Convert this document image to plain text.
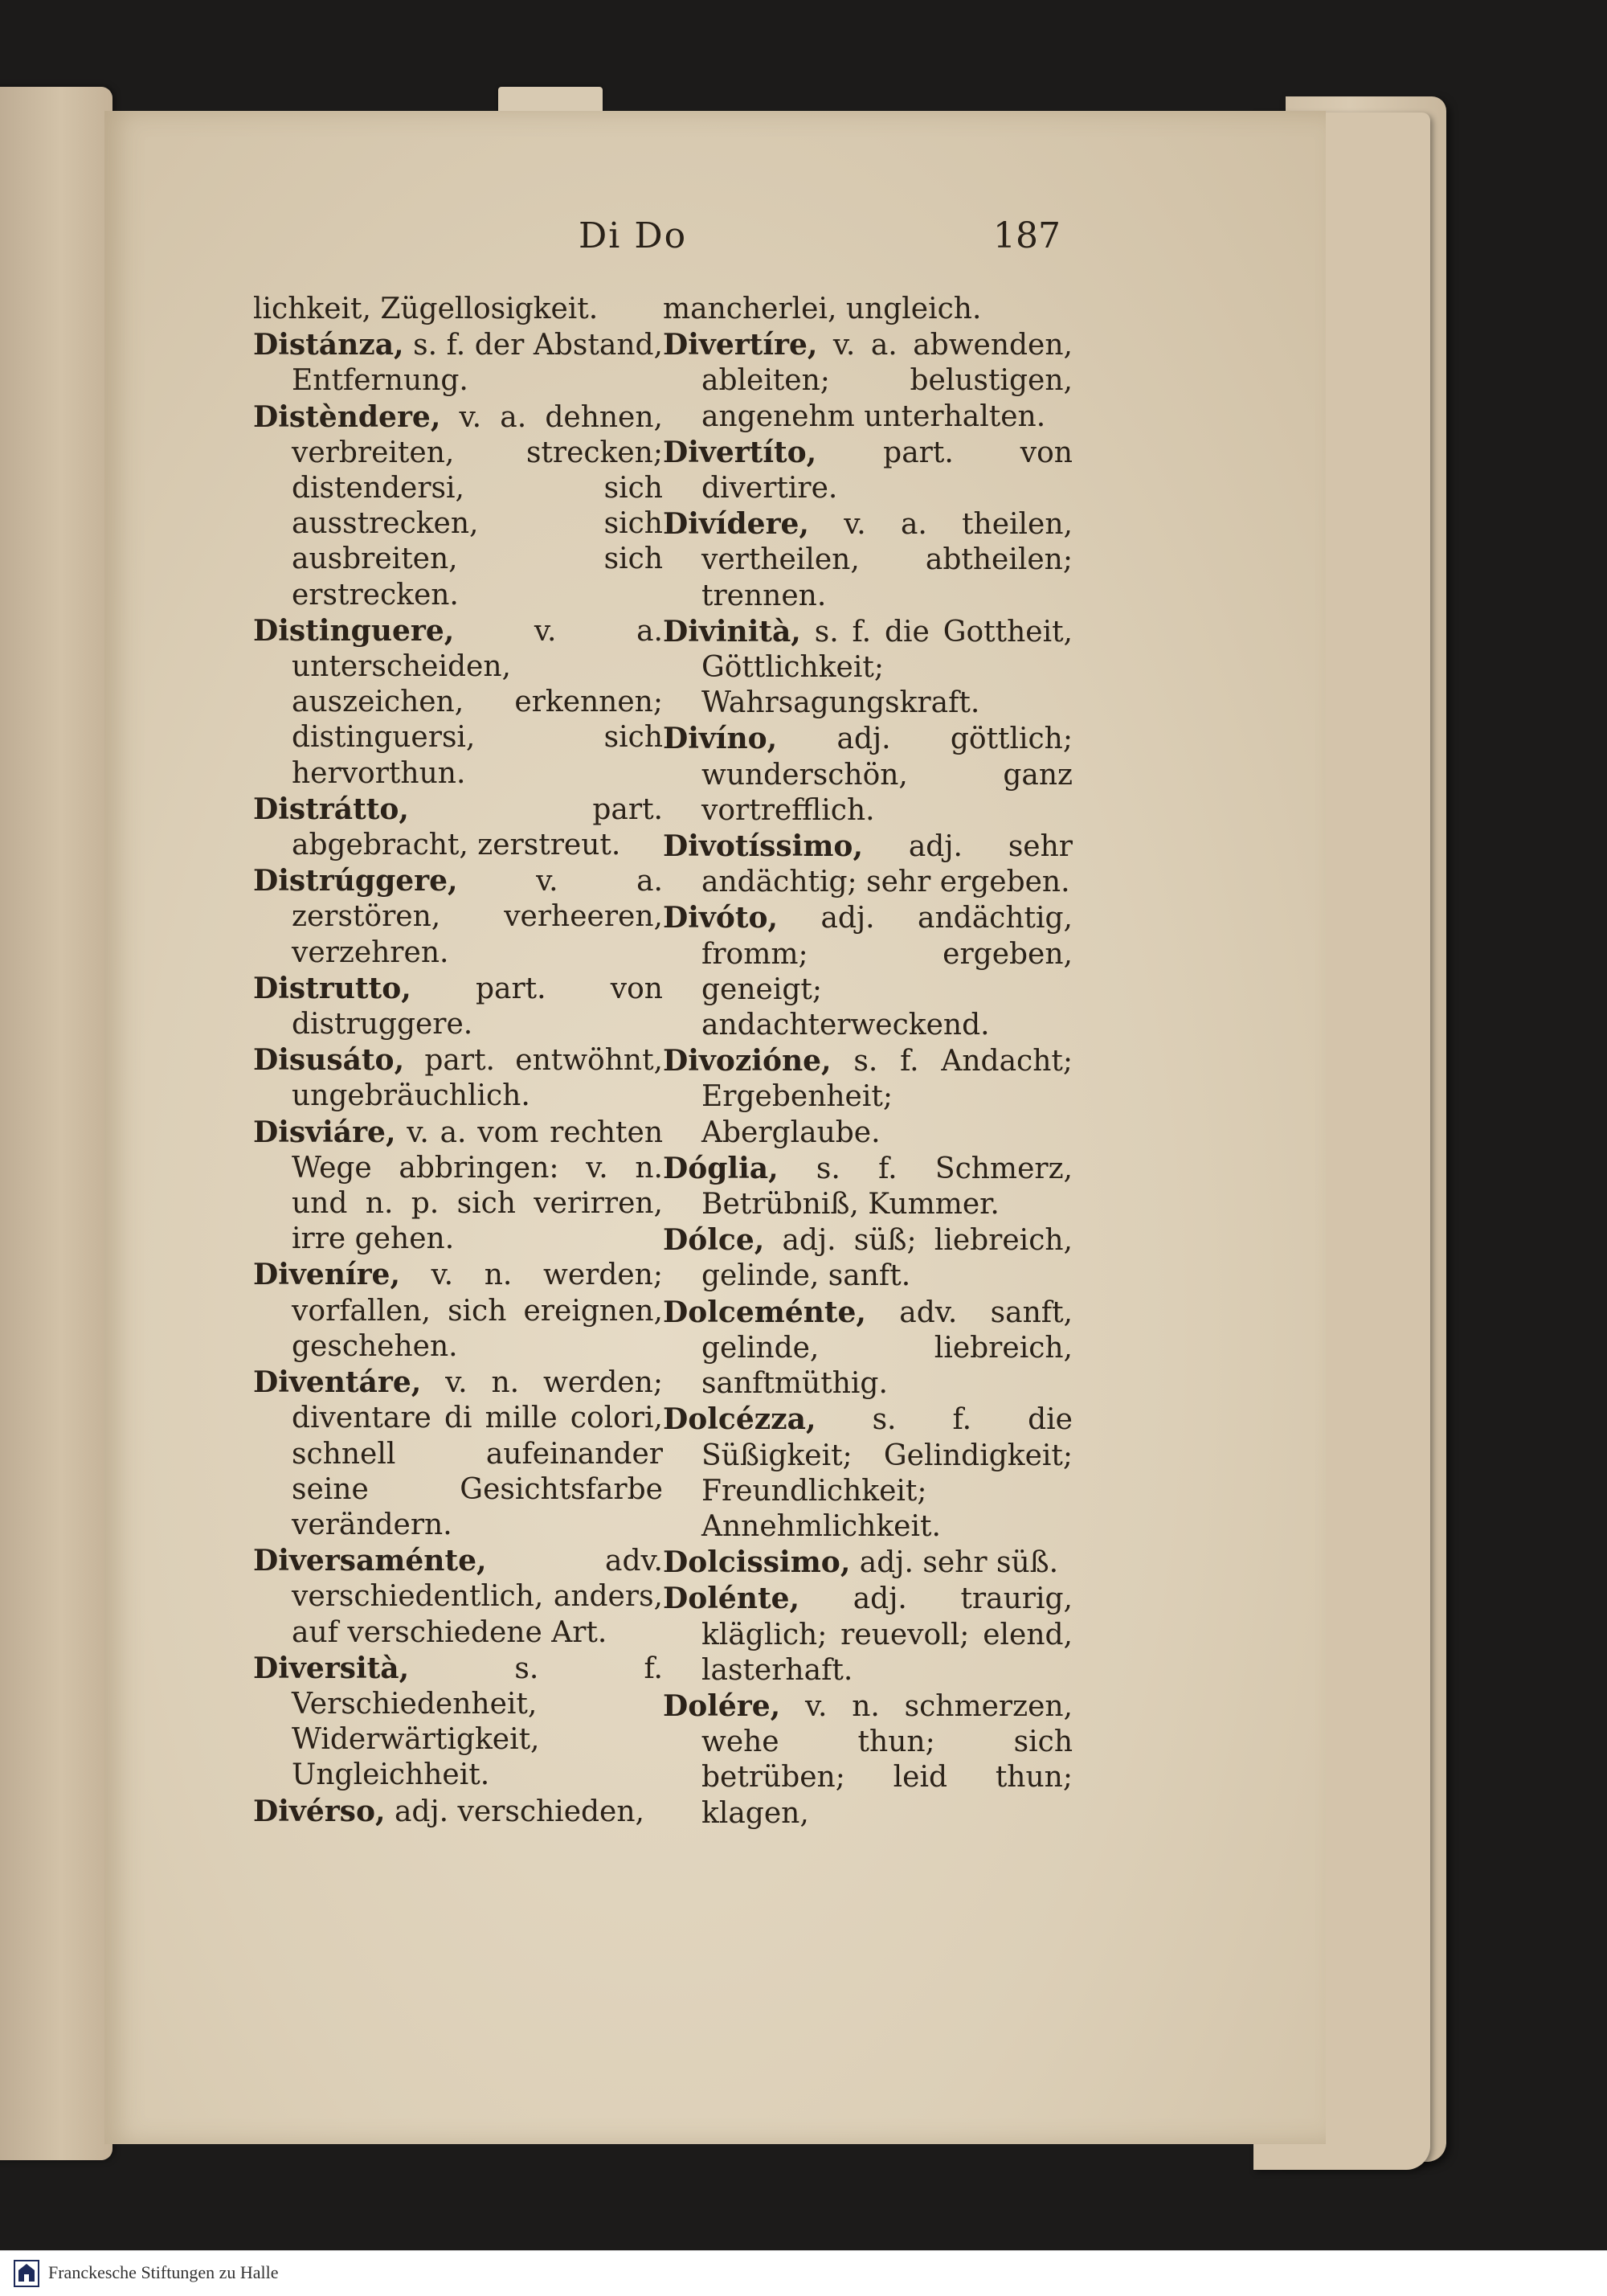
Di Do	187
lichkeit, Zügellosigkeit.
Distánza, s. f. der Abstand, Entfernung.
Distèndere, v. a. dehnen, verbreiten, strecken; distendersi, sich ausstrecken, sich ausbreiten, sich erstrecken.
Distinguere, v. a. unterscheiden, auszeichen, erkennen; distinguersi, sich hervorthun.
Distrátto, part. abgebracht, zerstreut.
Distrúggere, v. a. zerstören, verheeren, verzehren.
Distrutto, part. von distruggere.
Disusáto, part. entwöhnt, ungebräuchlich.
Disviáre, v. a. vom rechten Wege abbringen: v. n. und n. p. sich verirren, irre gehen.
Diveníre, v. n. werden; vorfallen, sich ereignen, geschehen.
Diventáre, v. n. werden; diventare di mille colori, schnell aufeinander seine Gesichtsfarbe verändern.
Diversaménte, adv. verschiedentlich, anders, auf verschiedene Art.
Diversità, s. f. Verschiedenheit, Widerwärtigkeit, Ungleichheit.
Divérso, adj. verschieden,
mancherlei, ungleich.
Divertíre, v. a. abwenden, ableiten; belustigen, angenehm unterhalten.
Divertíto, part. von divertire.
Divídere, v. a. theilen, vertheilen, abtheilen; trennen.
Divinità, s. f. die Gottheit, Göttlichkeit; Wahrsagungskraft.
Divíno, adj. göttlich; wunderschön, ganz vortrefflich.
Divotíssimo, adj. sehr andächtig; sehr ergeben.
Divóto, adj. andächtig, fromm; ergeben, geneigt; andachterweckend.
Divozióne, s. f. Andacht; Ergebenheit; Aberglaube.
Dóglia, s. f. Schmerz, Betrübniß, Kummer.
Dólce, adj. süß; liebreich, gelinde, sanft.
Dolceménte, adv. sanft, gelinde, liebreich, sanftmüthig.
Dolcézza, s. f. die Süßigkeit; Gelindigkeit; Freundlichkeit; Annehmlichkeit.
Dolcissimo, adj. sehr süß.
Dolénte, adj. traurig, kläglich; reuevoll; elend, lasterhaft.
Dolére, v. n. schmerzen, wehe thun; sich betrüben; leid thun; klagen,
Franckesche Stiftungen zu Halle
